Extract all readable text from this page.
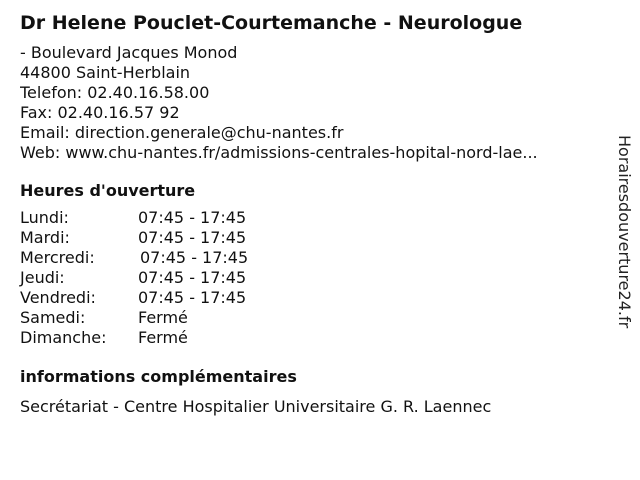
Dr Helene Pouclet-Courtemanche - Neurologue
- Boulevard Jacques Monod
44800 Saint-Herblain
Telefon: 02.40.16.58.00
Fax: 02.40.16.57 92
Email: direction.generale@chu-nantes.fr
Web: www.chu-nantes.fr/admissions-centrales-hopital-nord-lae...
Heures d'ouverture
Lundi:	07:45 - 17:45
Mardi:	07:45 - 17:45
Mercredi:	07:45 - 17:45
Jeudi:	07:45 - 17:45
Vendredi:	07:45 - 17:45
Samedi:	Fermé
Dimanche:	Fermé
informations complémentaires
Secrétariat - Centre Hospitalier Universitaire G. R. Laennec
Horairesdouverture24.fr
